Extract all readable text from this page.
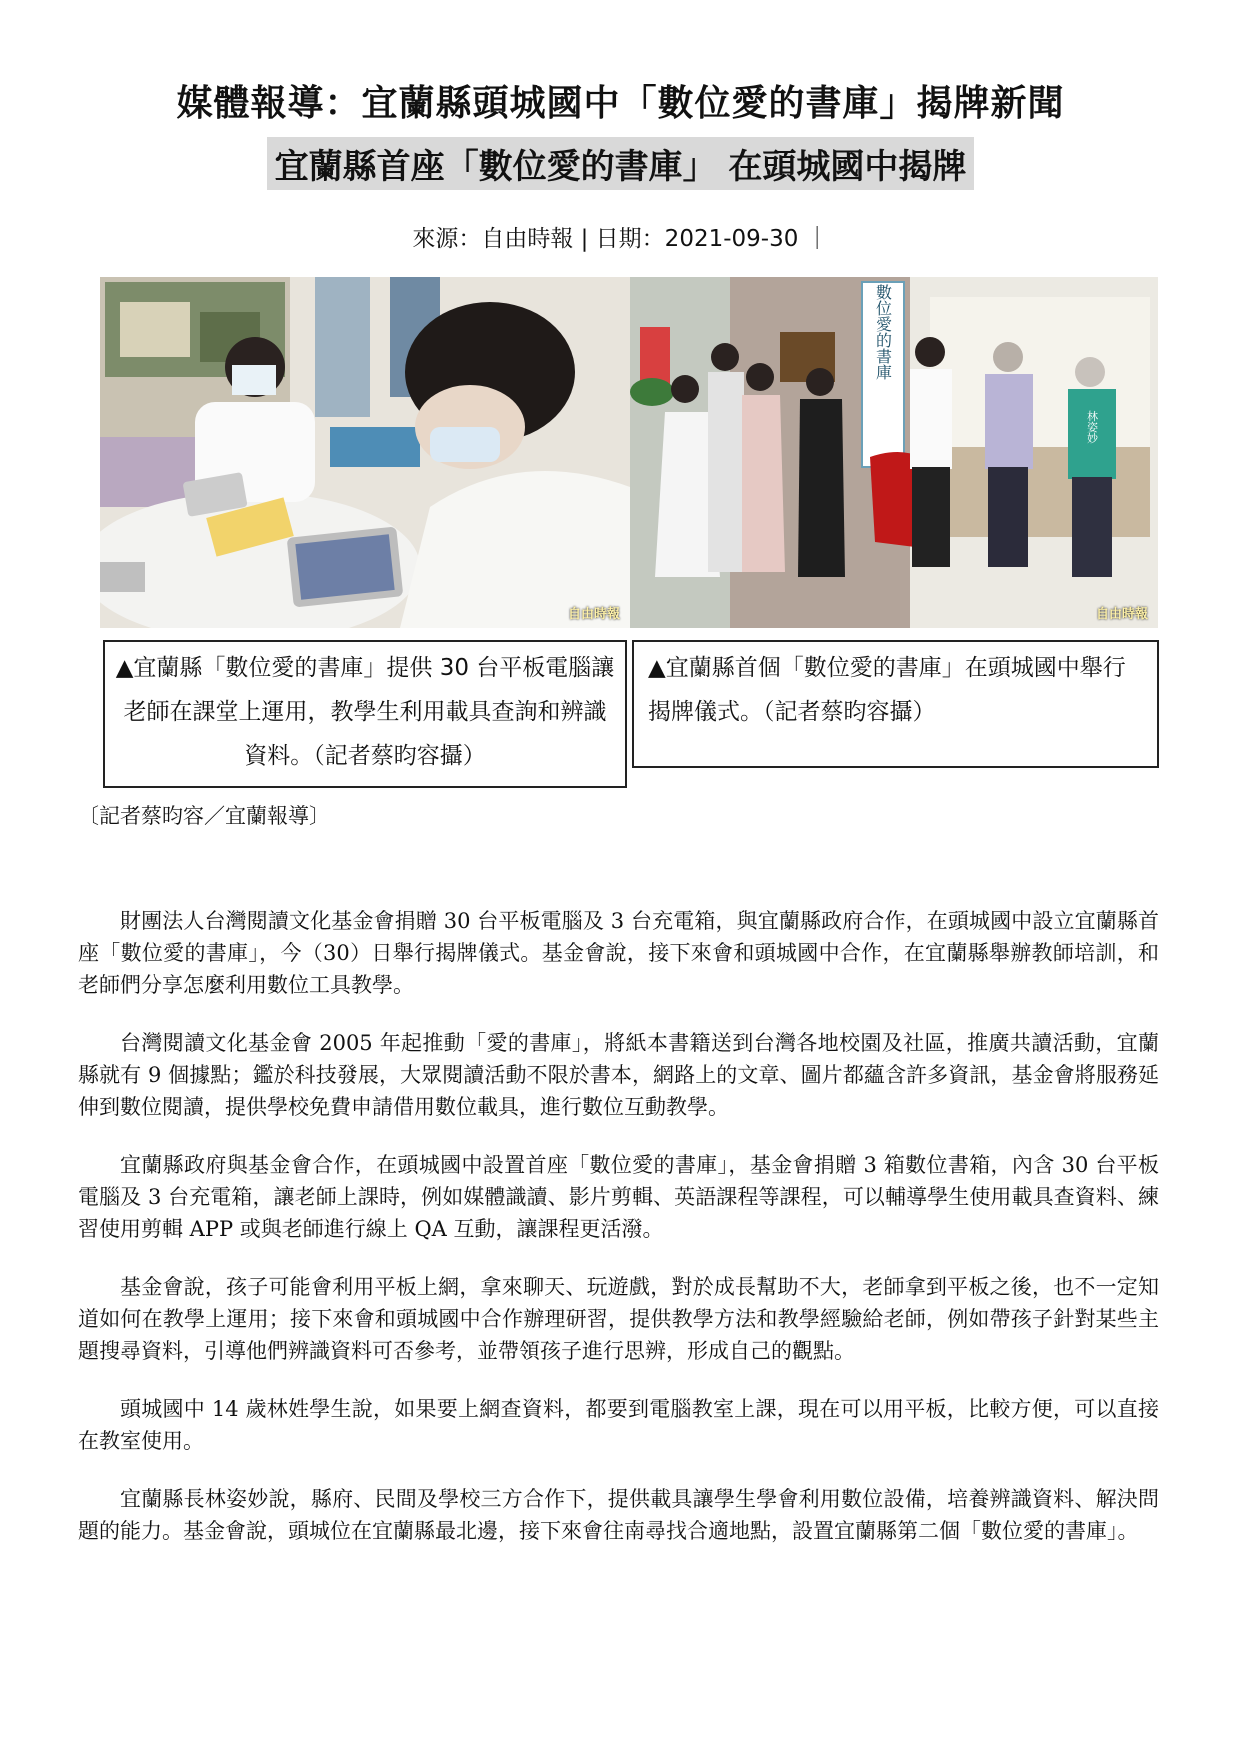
媒體報導：宜蘭縣頭城國中「數位愛的書庫」揭牌新聞
宜蘭縣首座「數位愛的書庫」 在頭城國中揭牌
來源：自由時報 | 日期：2021-09-30 ｜
自由時報
數位愛的書庫
林姿妙
自由時報
▲宜蘭縣「數位愛的書庫」提供 30 台平板電腦讓老師在課堂上運用，教學生利用載具查詢和辨識資料。（記者蔡昀容攝）
▲宜蘭縣首個「數位愛的書庫」在頭城國中舉行揭牌儀式。（記者蔡昀容攝）
〔記者蔡昀容／宜蘭報導〕

財團法人台灣閱讀文化基金會捐贈 30 台平板電腦及 3 台充電箱，與宜蘭縣政府合作，在頭城國中設立宜蘭縣首座「數位愛的書庫」，今（30）日舉行揭牌儀式。基金會說，接下來會和頭城國中合作，在宜蘭縣舉辦教師培訓，和老師們分享怎麼利用數位工具教學。

台灣閱讀文化基金會 2005 年起推動「愛的書庫」，將紙本書籍送到台灣各地校園及社區，推廣共讀活動，宜蘭縣就有 9 個據點；鑑於科技發展，大眾閱讀活動不限於書本，網路上的文章、圖片都蘊含許多資訊，基金會將服務延伸到數位閱讀，提供學校免費申請借用數位載具，進行數位互動教學。

宜蘭縣政府與基金會合作，在頭城國中設置首座「數位愛的書庫」，基金會捐贈 3 箱數位書箱，內含 30 台平板電腦及 3 台充電箱，讓老師上課時，例如媒體識讀、影片剪輯、英語課程等課程，可以輔導學生使用載具查資料、練習使用剪輯 APP 或與老師進行線上 QA 互動，讓課程更活潑。

基金會說，孩子可能會利用平板上網，拿來聊天、玩遊戲，對於成長幫助不大，老師拿到平板之後，也不一定知道如何在教學上運用；接下來會和頭城國中合作辦理研習，提供教學方法和教學經驗給老師，例如帶孩子針對某些主題搜尋資料，引導他們辨識資料可否參考，並帶領孩子進行思辨，形成自己的觀點。

頭城國中 14 歲林姓學生說，如果要上網查資料，都要到電腦教室上課，現在可以用平板，比較方便，可以直接在教室使用。

宜蘭縣長林姿妙說，縣府、民間及學校三方合作下，提供載具讓學生學會利用數位設備，培養辨識資料、解決問題的能力。基金會說，頭城位在宜蘭縣最北邊，接下來會往南尋找合適地點，設置宜蘭縣第二個「數位愛的書庫」。
